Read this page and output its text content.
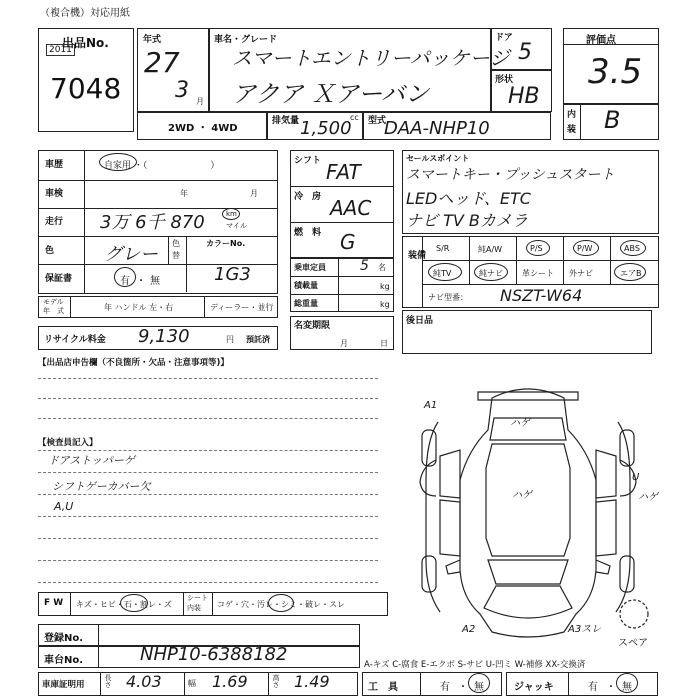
（複合機）対応用紙
出品No.
2011
7048
年式
27
3 月
車名・グレード
スマートエントリーパッケージ
アクア Ｘアーバン
ドア
5
形状
HB
評価点
3.5
内
装 B
2WD ・ 4WD
排気量	cc
1,500 型式
DAA-NHP10
車歴	自家用 ・（　　　　　　　）
車検	年	月
走行 3万 6千 870	km
マイル
色	グレー
色
替
カラーNo.
保証書	有 ・ 無	1G3
モデル
年　式	年 ハンドル 左・右	ディーラー・並行
リサイクル料金 9,130	円 預託済
シフト FAT
冷　房 AAC
燃　料 G
乗車定員 5 名
積載量	kg
総重量	kg
名変期限
月	日
セールスポイント
スマートキー・プッシュスタート
LEDヘッド、ETC
ナビ TV Bカメラ
装備
S/R	純A/W	P/S	P/W	ABS
純TV	純ナビ 革シート 外ナビ	エアB
ナビ型番： NSZT-W64
後日品
【出品店申告欄（不良箇所・欠品・注意事項等)】
【検査員記入】
ドアストッパーゲ
シフトゲーカバー欠
A,U
F W キズ・ヒビ・石・割レ・ズ
シート
内装 コゲ・穴・汚レ・シミ・破レ・スレ
登録No.
車台No.	NHP10-6388182	A-キズ C-腐食 E-エクボ S-サビ U-凹ミ W-補修 XX-交換済
車庫証明用	長さ 4.03	幅 1.69	高さ 1.49	工　具	有 ・ 無	ジャッキ	有 ・ 無
A1
ハゲ
ハゲ
U
ハゲ
A2	A3スレ
スペア
